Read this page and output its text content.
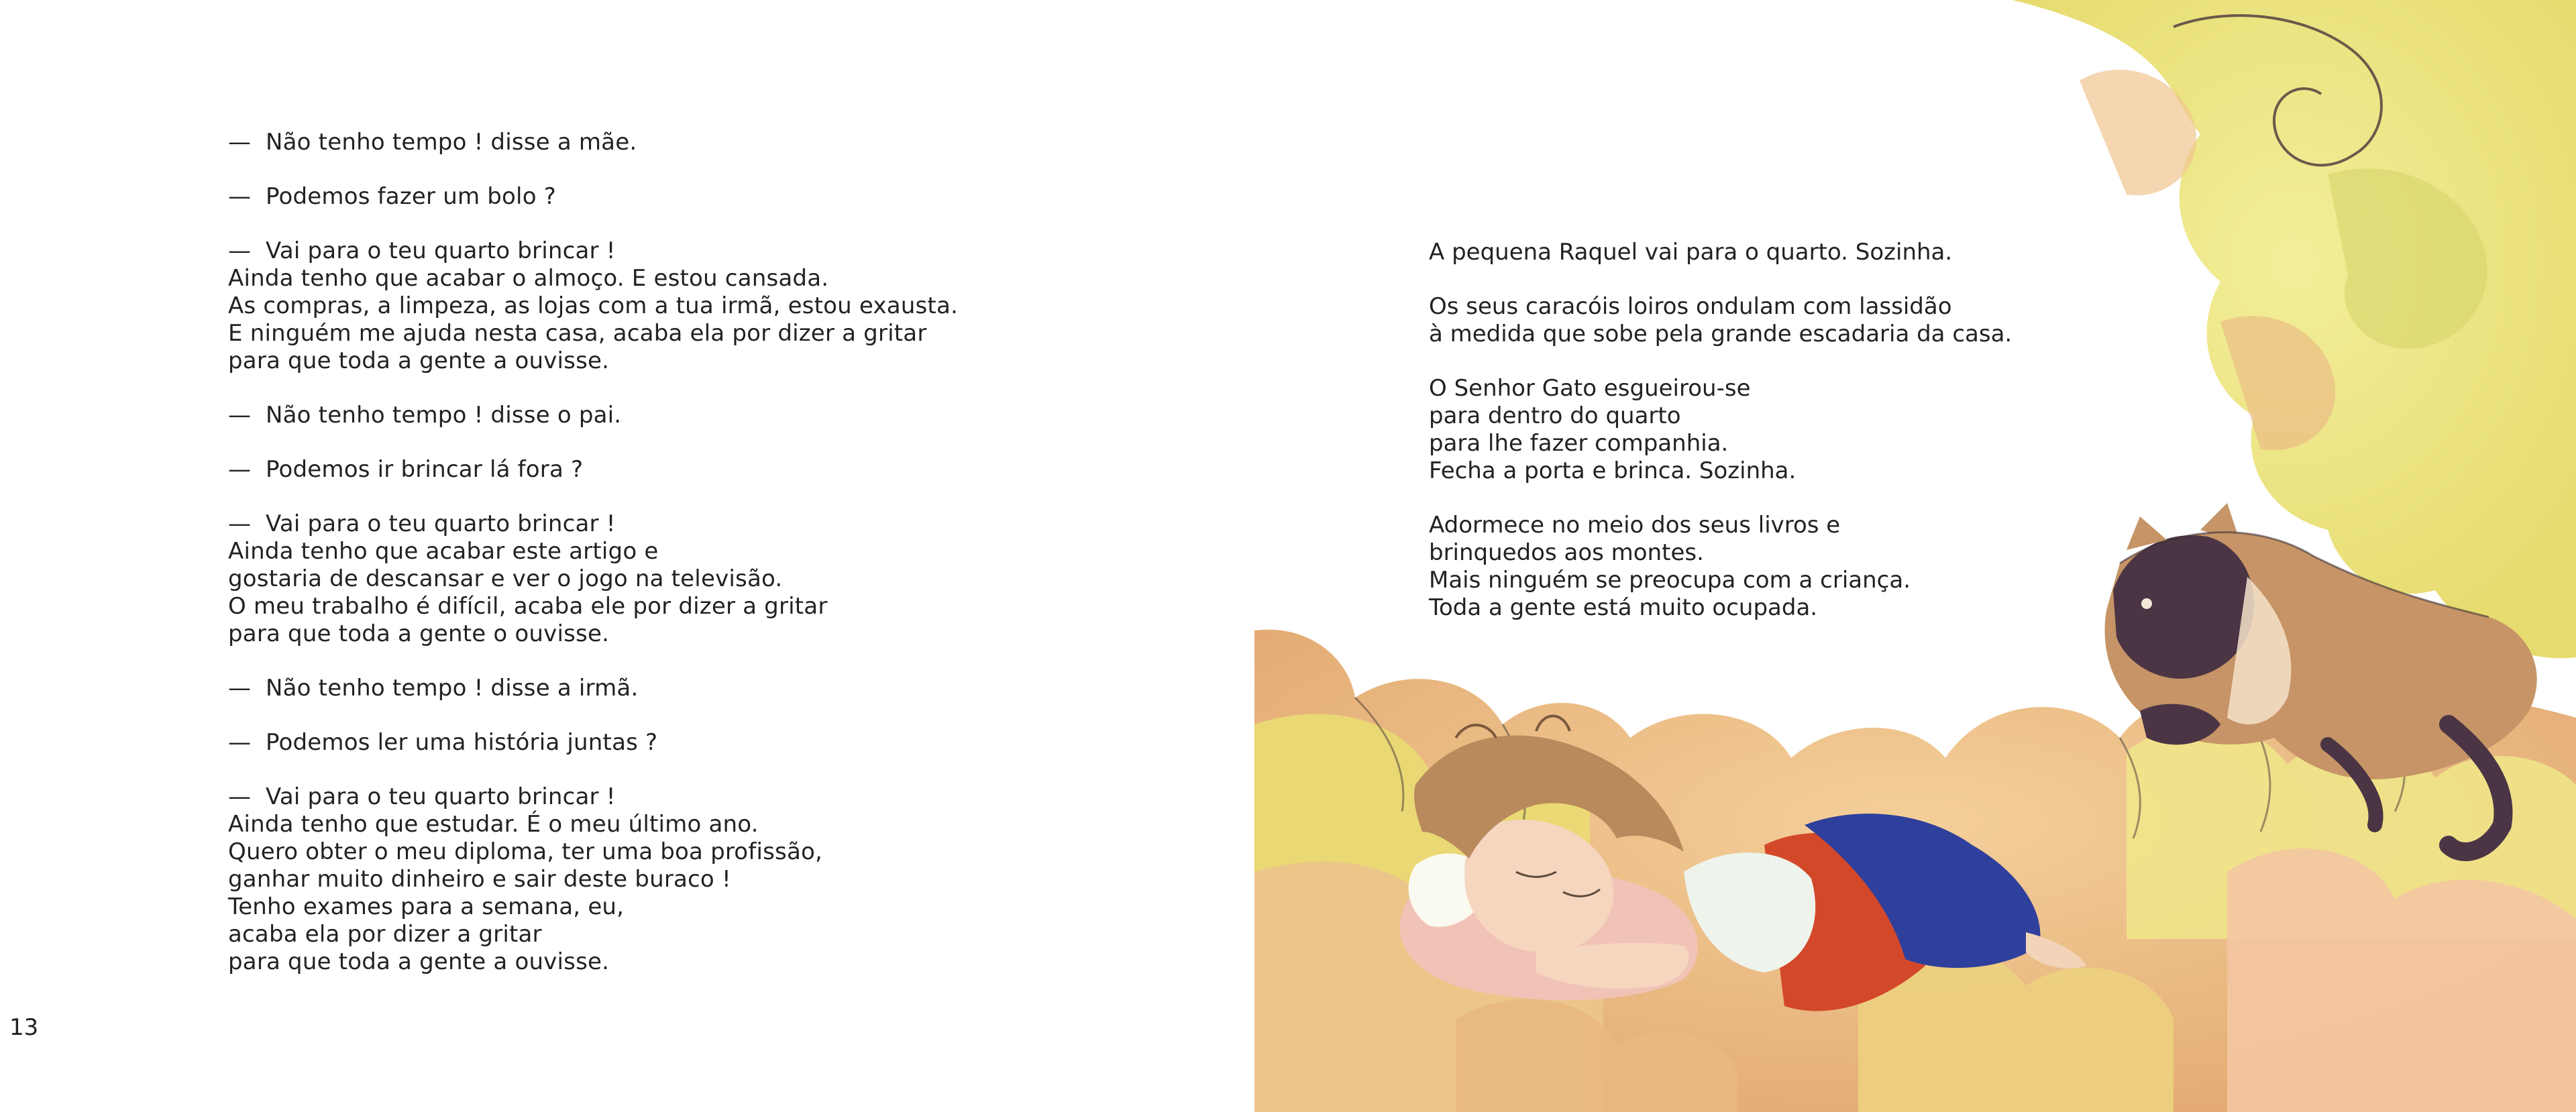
— Não tenho tempo ! disse a mãe.
— Podemos fazer um bolo ?
— Vai para o teu quarto brincar !
Ainda tenho que acabar o almoço. E estou cansada.
As compras, a limpeza, as lojas com a tua irmã, estou exausta.
E ninguém me ajuda nesta casa, acaba ela por dizer a gritar
para que toda a gente a ouvisse.
— Não tenho tempo ! disse o pai.
— Podemos ir brincar lá fora ?
— Vai para o teu quarto brincar !
Ainda tenho que acabar este artigo e
gostaria de descansar e ver o jogo na televisão.
O meu trabalho é difícil, acaba ele por dizer a gritar
para que toda a gente o ouvisse.
— Não tenho tempo ! disse a irmã.
— Podemos ler uma história juntas ?
— Vai para o teu quarto brincar !
Ainda tenho que estudar. É o meu último ano.
Quero obter o meu diploma, ter uma boa profissão,
ganhar muito dinheiro e sair deste buraco !
Tenho exames para a semana, eu,
acaba ela por dizer a gritar
para que toda a gente a ouvisse.
13
A pequena Raquel vai para o quarto. Sozinha.
Os seus caracóis loiros ondulam com lassidão
à medida que sobe pela grande escadaria da casa.
O Senhor Gato esgueirou-se
para dentro do quarto
para lhe fazer companhia.
Fecha a porta e brinca. Sozinha.
Adormece no meio dos seus livros e
brinquedos aos montes.
Mais ninguém se preocupa com a criança.
Toda a gente está muito ocupada.
